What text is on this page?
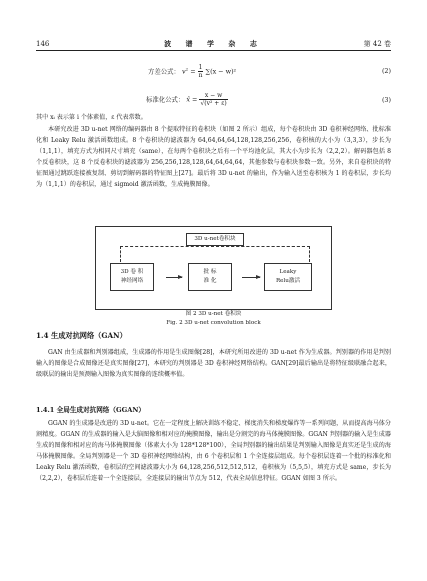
146	波 谱 学 杂 志	第 42 卷
方差公式： $v^2 = \frac{1}{n} \sum(x - w)^2$	(2)
标准化公式： x̂ = $\frac{x - w}{\text{√(v² + ε)}}$	(3)

其中 xᵢ 表示第 i 个体素值，ε 代表常数。

本研究改进 3D u-net 网络的编码器由 8 个提取特征的卷积块（如图 2 所示）组成，每个卷积块由 3D 卷积神经网络、批标准化和 Leaky Relu 激活函数组成。8 个卷积块的滤波器为 64,64,64,64,128,128,256,256，卷积核的大小为（3,3,3），步长为（1,1,1），填充方式为相同尺寸填充（same），在每两个卷积块之后有一个平均池化层，其大小为步长为（2,2,2）。解码器包括 8 个反卷积块，这 8 个反卷积块的滤波器为 256,256,128,128,64,64,64,64，其他参数与卷积块参数一致。另外，来自卷积块的特征图通过跳跃连接被复制、剪切到解码器的特征图上[27]。最后将 3D u-net 的输出，作为输入送至卷积核为 1 的卷积层，步长均为（1,1,1）的卷积层，通过 sigmoid 激活函数，生成掩膜图像。

3D u-net卷积块
3D 卷 积
神经网络
批 标
准 化
Leaky
Relu激活
图 2 3D u-net 卷积块
Fig. 2 3D u-net convolution block
1.4 生成对抗网络（GAN）

GAN 由生成器和判别器组成，生成器的作用是生成图像[28]，本研究所用改进的 3D u-net 作为生成器。判别器的作用是判别输入的图像是合成图像还是真实图像[27]，本研究的判别器是 3D 卷积神经网络结构。GAN[29]最后输出是将特征级联融合起来，级联层的输出是预测输入图像为真实图像的连续概率值。

1.4.1 全局生成对抗网络（GGAN）

GGAN 的生成器是改进的 3D u-net。它在一定程度上解决训练不稳定、梯度消失和梯度爆炸等一系列问题，从而提高海马体分割精度。GGAN 的生成器的输入是大脑图像和相对应的掩膜图像，输出是分割完的海马体掩膜图像。GGAN 判别器的输入是生成器生成的图像和相对应的海马体掩膜图像（体素大小为 128*128*100），全局判别器的输出结果是判别输入图像是真实还是生成的海马体掩膜图像。全局判别器是一个 3D 卷积神经网络结构，由 6 个卷积层和 1 个全连接层组成。每个卷积层连着一个批的标准化和 Leaky Relu 激活函数，卷积层的空间滤波器大小为 64,128,256,512,512,512，卷积核为（5,5,5），填充方式是 same，步长为（2,2,2），卷积层后连着一个全连接层，全连接层的输出节点为 512，代表全局信息特征。GGAN 如图 3 所示。
